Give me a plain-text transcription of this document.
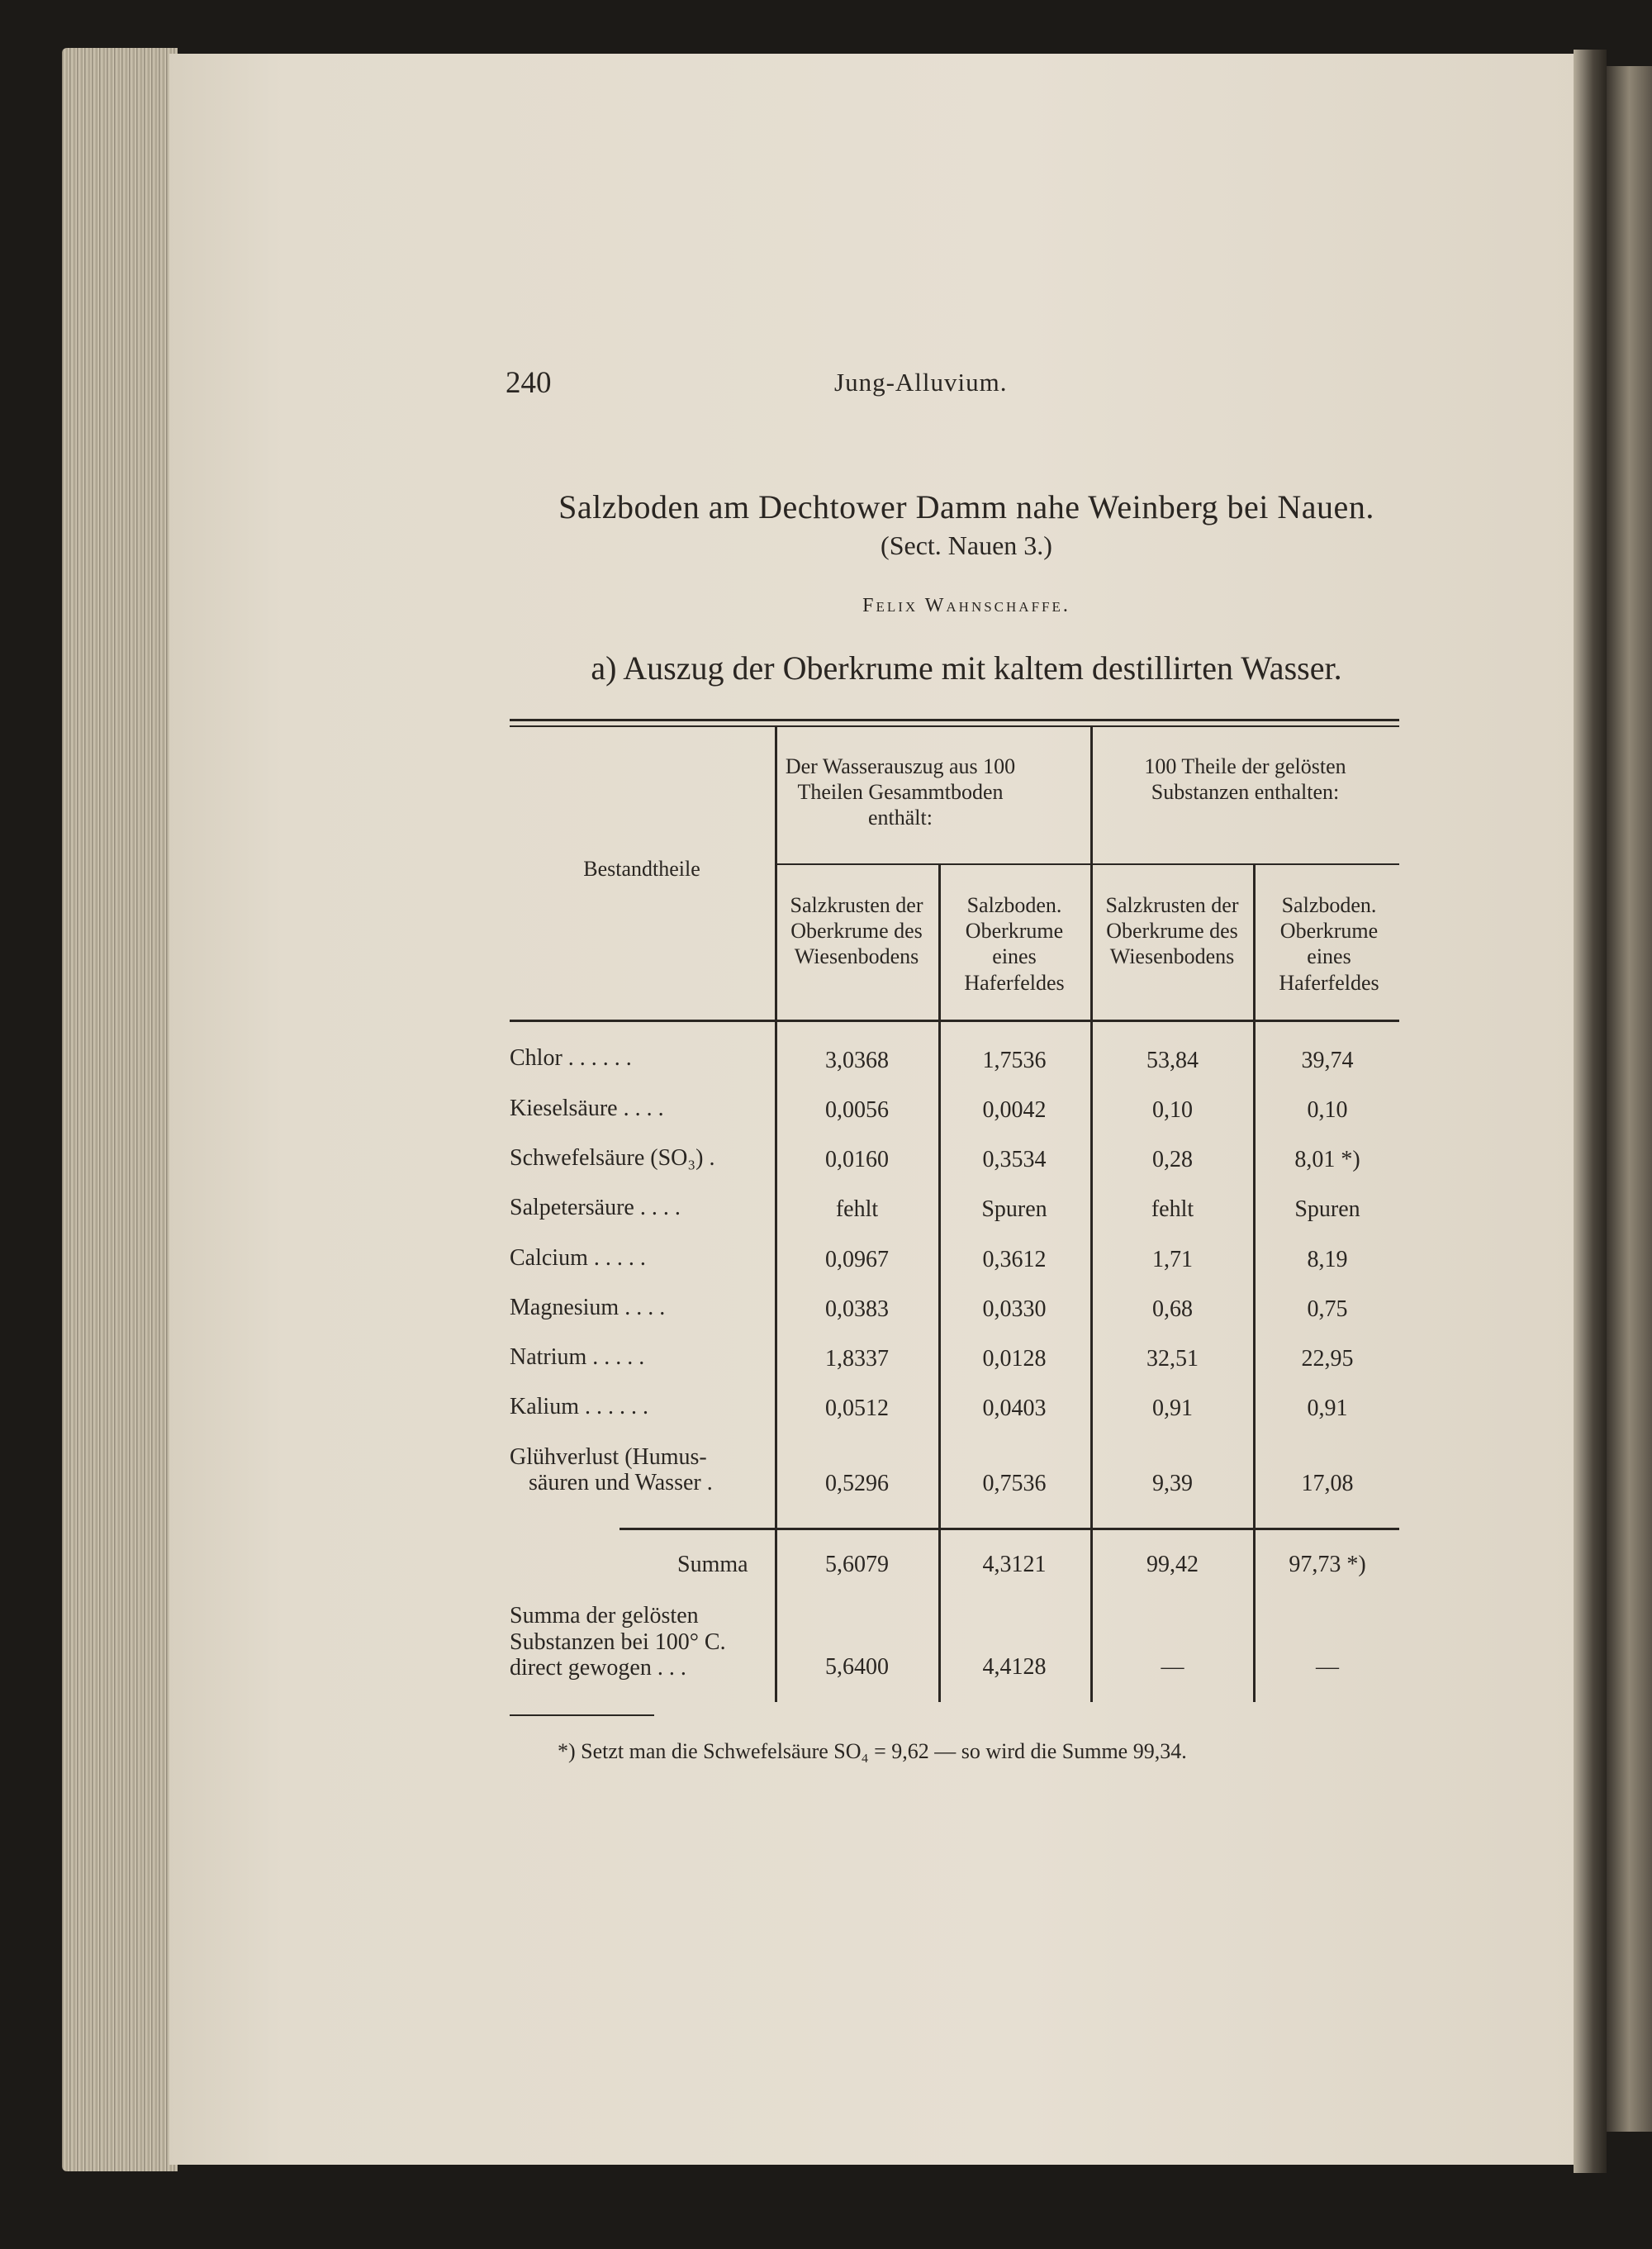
240	Jung-Alluvium.
Salzboden am Dechtower Damm nahe Weinberg bei Nauen.
(Sect. Nauen 3.)
Felix Wahnschaffe.
a) Auszug der Oberkrume mit kaltem destillirten Wasser.
Bestandtheile
Der Wasserauszug aus 100 Theilen Gesammtboden enthält:
100 Theile der gelösten Substanzen enthalten:
Salzkrusten der Oberkrume des Wiesenbodens
Salzboden. Oberkrume eines Haferfeldes
Salzkrusten der Oberkrume des Wiesenbodens
Salzboden. Oberkrume eines Haferfeldes
Chlor . . . . . .	3,0368	1,7536	53,84	39,74
Kieselsäure . . . .	0,0056	0,0042	0,10	0,10
Schwefelsäure (SO₃) .	0,0160	0,3534	0,28	8,01 *)
Salpetersäure . . . .	fehlt	Spuren	fehlt	Spuren
Calcium . . . . .	0,0967	0,3612	1,71	8,19
Magnesium . . . .	0,0383	0,0330	0,68	0,75
Natrium . . . . .	1,8337	0,0128	32,51	22,95
Kalium . . . . . .	0,0512	0,0403	0,91	0,91
Glühverlust (Humus-
säuren und Wasser .	0,5296	0,7536	9,39	17,08
Summa	5,6079	4,3121	99,42	97,73 *)
Summa der gelösten
Substanzen bei 100° C.
direct gewogen . . .	5,6400	4,4128	—	—
*) Setzt man die Schwefelsäure SO₄ = 9,62 — so wird die Summe 99,34.
